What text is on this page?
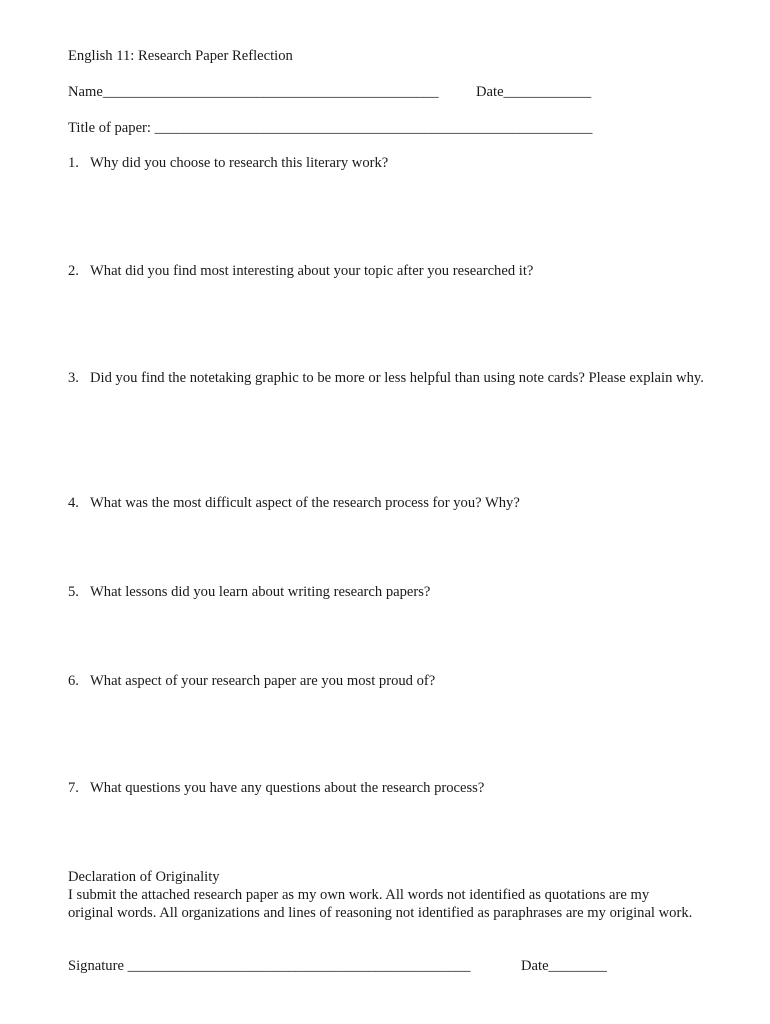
English 11: Research Paper Reflection
Name______________________________________________	Date____________
Title of paper: ____________________________________________________________
1. Why did you choose to research this literary work?
2. What did you find most interesting about your topic after you researched it?
3. Did you find the notetaking graphic to be more or less helpful than using note cards? Please explain why.
4. What was the most difficult aspect of the research process for you? Why?
5. What lessons did you learn about writing research papers?
6. What aspect of your research paper are you most proud of?
7. What questions you have any questions about the research process?
Declaration of Originality
I submit the attached research paper as my own work. All words not identified as quotations are my original words. All organizations and lines of reasoning not identified as paraphrases are my original work.
Signature _______________________________________________	Date________
